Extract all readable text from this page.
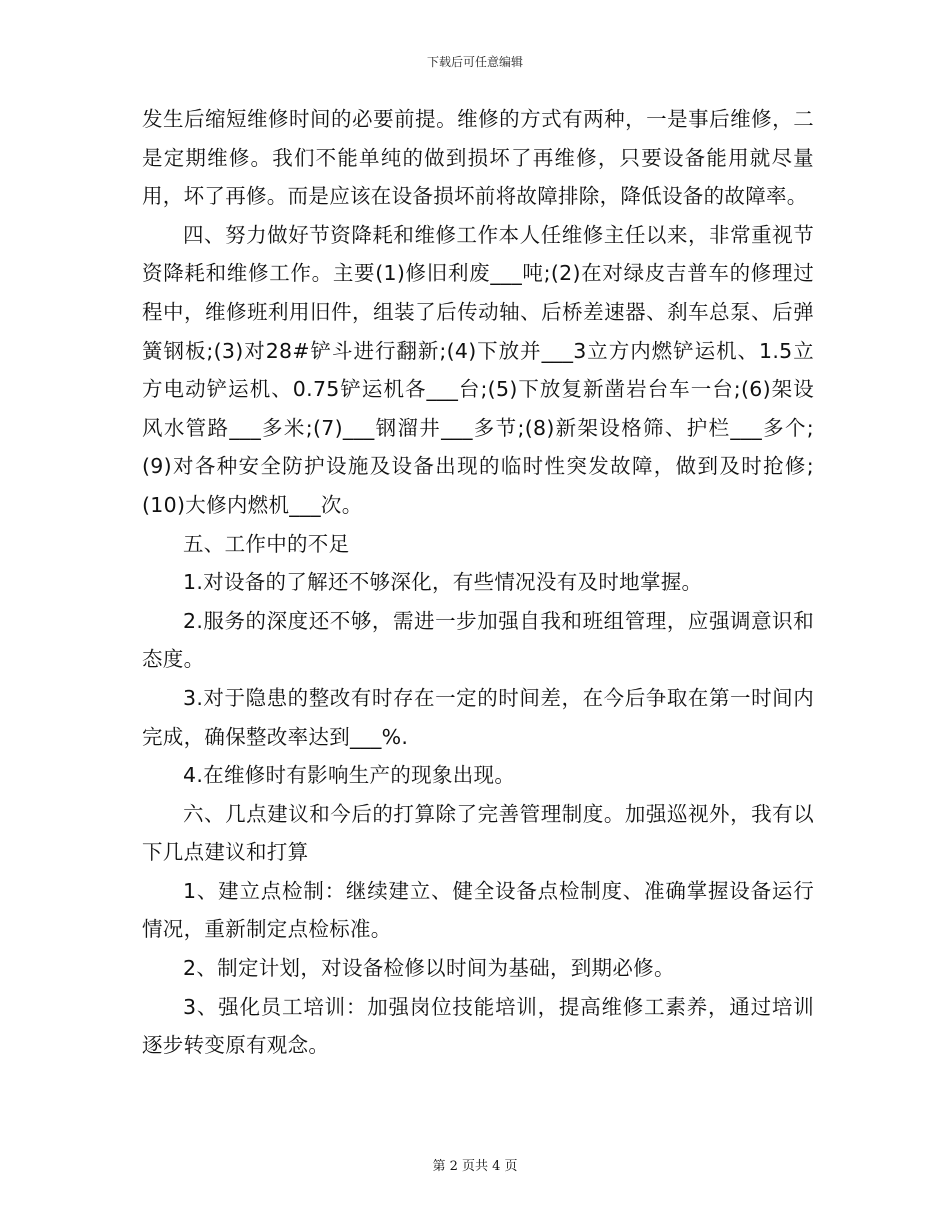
下载后可任意编辑

发生后缩短维修时间的必要前提。维修的方式有两种，一是事后维修，二是定期维修。我们不能单纯的做到损坏了再维修，只要设备能用就尽量用，坏了再修。而是应该在设备损坏前将故障排除，降低设备的故障率。

四、努力做好节资降耗和维修工作本人任维修主任以来，非常重视节资降耗和维修工作。主要(1)修旧利废___吨;(2)在对绿皮吉普车的修理过程中，维修班利用旧件，组装了后传动轴、后桥差速器、刹车总泵、后弹簧钢板;(3)对28#铲斗进行翻新;(4)下放并___3立方内燃铲运机、1.5立方电动铲运机、0.75铲运机各___台;(5)下放复新凿岩台车一台;(6)架设风水管路___多米;(7)___钢溜井___多节;(8)新架设格筛、护栏___多个;(9)对各种安全防护设施及设备出现的临时性突发故障，做到及时抢修;(10)大修内燃机___次。

五、工作中的不足

1.对设备的了解还不够深化，有些情况没有及时地掌握。

2.服务的深度还不够，需进一步加强自我和班组管理，应强调意识和态度。

3.对于隐患的整改有时存在一定的时间差，在今后争取在第一时间内完成，确保整改率达到___%.

4.在维修时有影响生产的现象出现。

六、几点建议和今后的打算除了完善管理制度。加强巡视外，我有以下几点建议和打算

1、建立点检制：继续建立、健全设备点检制度、准确掌握设备运行情况，重新制定点检标准。

2、制定计划，对设备检修以时间为基础，到期必修。

3、强化员工培训：加强岗位技能培训，提高维修工素养，通过培训逐步转变原有观念。

第 2 页共 4 页
